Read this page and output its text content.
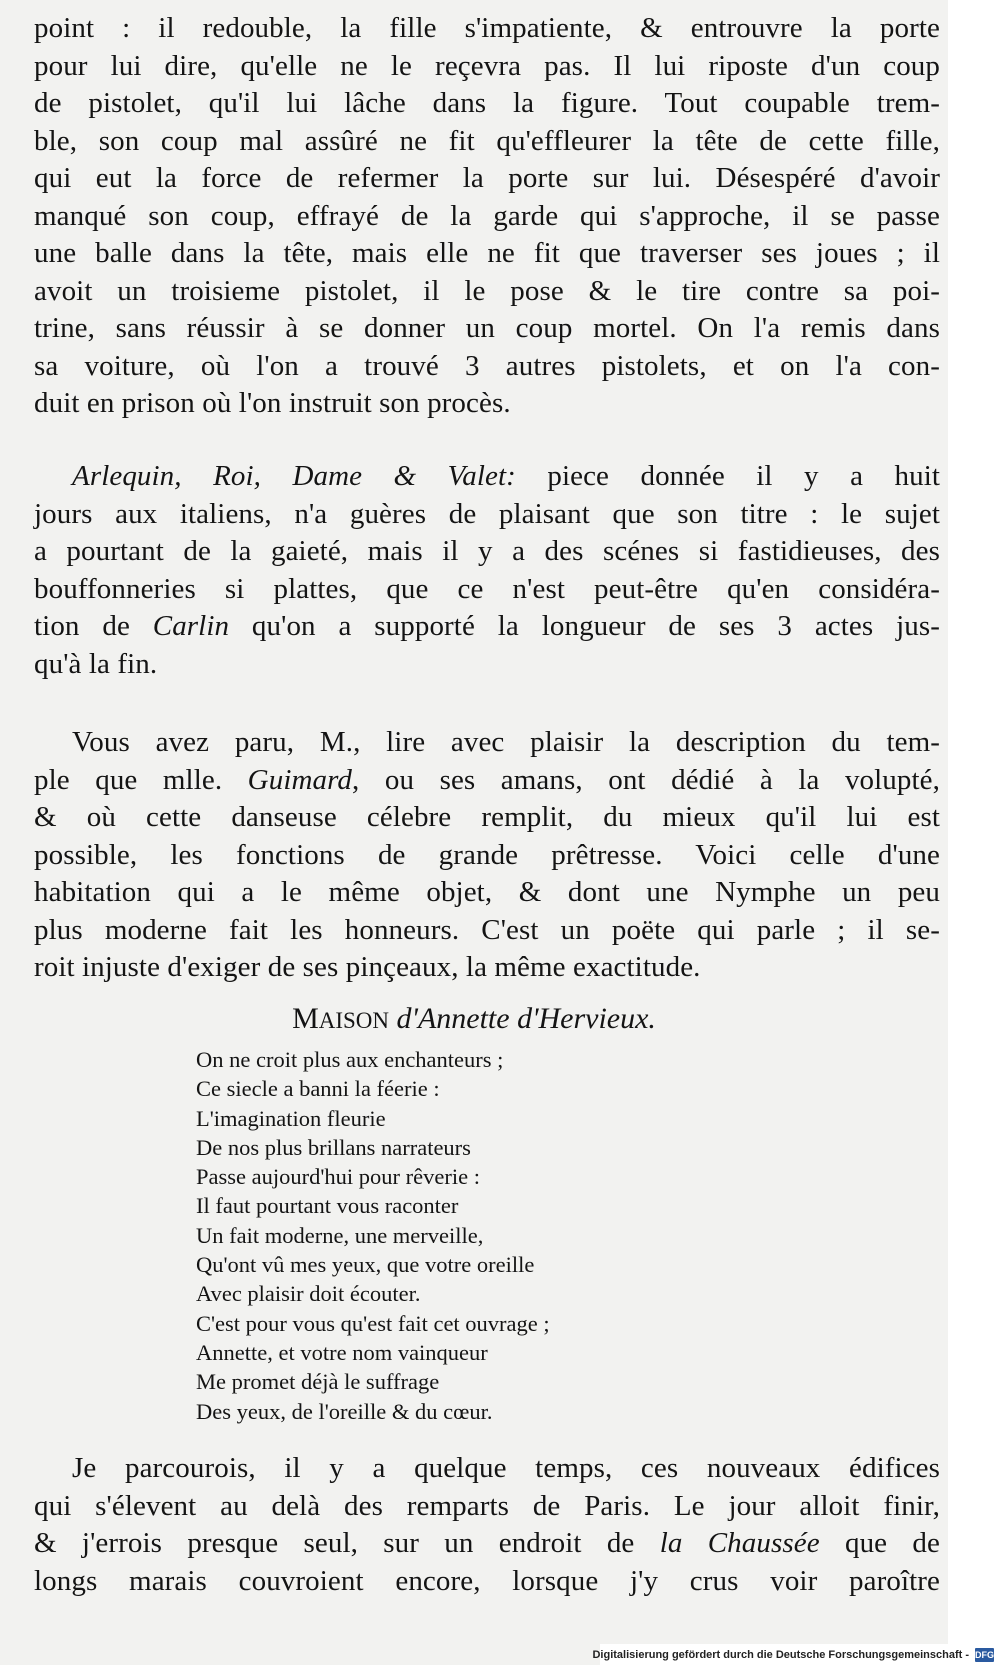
point : il redouble, la fille s'impatiente, & entrouvre la porte
pour lui dire, qu'elle ne le reçevra pas. Il lui riposte d'un coup
de pistolet, qu'il lui lâche dans la figure. Tout coupable trem-
ble, son coup mal assûré ne fit qu'effleurer la tête de cette fille,
qui eut la force de refermer la porte sur lui. Désespéré d'avoir
manqué son coup, effrayé de la garde qui s'approche, il se passe
une balle dans la tête, mais elle ne fit que traverser ses joues ; il
avoit un troisieme pistolet, il le pose & le tire contre sa poi-
trine, sans réussir à se donner un coup mortel. On l'a remis dans
sa voiture, où l'on a trouvé 3 autres pistolets, et on l'a con-
duit en prison où l'on instruit son procès.
Arlequin, Roi, Dame & Valet: piece donnée il y a huit
jours aux italiens, n'a guères de plaisant que son titre : le sujet
a pourtant de la gaieté, mais il y a des scénes si fastidieuses, des
bouffonneries si plattes, que ce n'est peut-être qu'en considéra-
tion de Carlin qu'on a supporté la longueur de ses 3 actes jus-
qu'à la fin.
Vous avez paru, M., lire avec plaisir la description du tem-
ple que mlle. Guimard, ou ses amans, ont dédié à la volupté,
& où cette danseuse célebre remplit, du mieux qu'il lui est
possible, les fonctions de grande prêtresse. Voici celle d'une
habitation qui a le même objet, & dont une Nymphe un peu
plus moderne fait les honneurs. C'est un poëte qui parle ; il se-
roit injuste d'exiger de ses pinçeaux, la même exactitude.
MAISON d'Annette d'Hervieux.
On ne croit plus aux enchanteurs ;
Ce siecle a banni la féerie :
L'imagination fleurie
De nos plus brillans narrateurs
Passe aujourd'hui pour rêverie :
Il faut pourtant vous raconter
Un fait moderne, une merveille,
Qu'ont vû mes yeux, que votre oreille
Avec plaisir doit écouter.
C'est pour vous qu'est fait cet ouvrage ;
Annette, et votre nom vainqueur
Me promet déjà le suffrage
Des yeux, de l'oreille & du cœur.
Je parcourois, il y a quelque temps, ces nouveaux édifices
qui s'élevent au delà des remparts de Paris. Le jour alloit finir,
& j'errois presque seul, sur un endroit de la Chaussée que de
longs marais couvroient encore, lorsque j'y crus voir paroître
Digitalisierung gefördert durch die Deutsche Forschungsgemeinschaft - DFG
